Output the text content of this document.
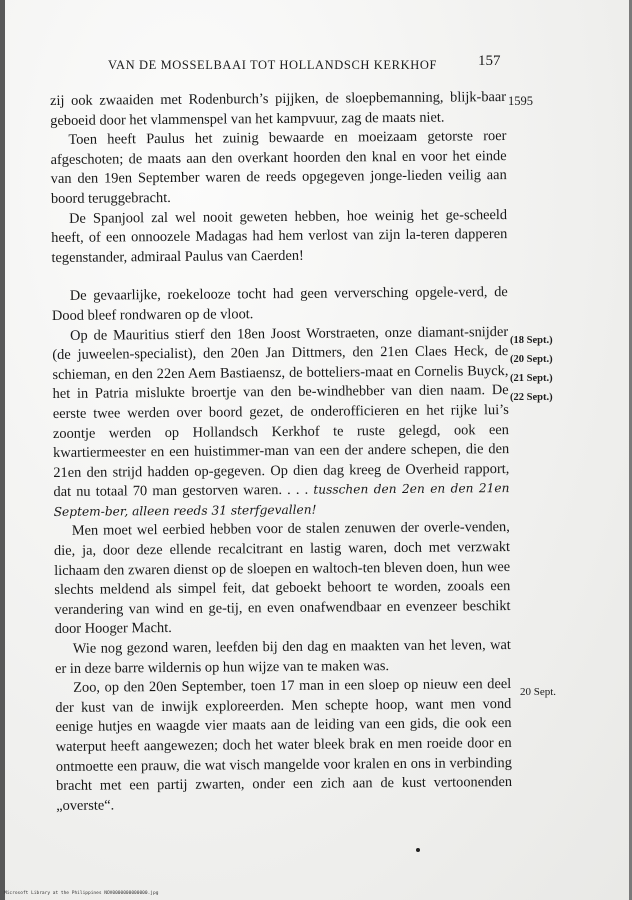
VAN DE MOSSELBAAI TOT HOLLANDSCH KERKHOF	157

zij ook zwaaiden met Rodenburch’s pijjken, de sloepbemanning, blijk-baar geboeid door het vlammenspel van het kampvuur, zag de maats niet.

Toen heeft Paulus het zuinig bewaarde en moeizaam getorste roer afgeschoten; de maats aan den overkant hoorden den knal en voor het einde van den 19en September waren de reeds opgegeven jonge-lieden veilig aan boord teruggebracht.

De Spanjool zal wel nooit geweten hebben, hoe weinig het ge-scheeld heeft, of een onnoozele Madagas had hem verlost van zijn la-teren dapperen tegenstander, admiraal Paulus van Caerden!

De gevaarlijke, roekelooze tocht had geen verversching opgele-verd, de Dood bleef rondwaren op de vloot.

Op de Mauritius stierf den 18en Joost Worstraeten, onze diamant-snijder (de juweelen-specialist), den 20en Jan Dittmers, den 21en Claes Heck, de schieman, en den 22en Aem Bastiaensz, de botteliers-maat en Cornelis Buyck, het in Patria mislukte broertje van den be-windhebber van dien naam. De eerste twee werden over boord gezet, de onderofficieren en het rijke lui’s zoontje werden op Hollandsch Kerkhof te ruste gelegd, ook een kwartiermeester en een huistimmer-man van een der andere schepen, die den 21en den strijd hadden op-gegeven. Op dien dag kreeg de Overheid rapport, dat nu totaal 70 man gestorven waren. . . . tusschen den 2en en den 21en Septem-ber, alleen reeds 31 sterfgevallen!

Men moet wel eerbied hebben voor de stalen zenuwen der overle-venden, die, ja, door deze ellende recalcitrant en lastig waren, doch met verzwakt lichaam den zwaren dienst op de sloepen en waltoch-ten bleven doen, hun wee slechts meldend als simpel feit, dat geboekt behoort te worden, zooals een verandering van wind en ge-tij, en even onafwendbaar en evenzeer beschikt door Hooger Macht.

Wie nog gezond waren, leefden bij den dag en maakten van het leven, wat er in deze barre wildernis op hun wijze van te maken was.

Zoo, op den 20en September, toen 17 man in een sloep op nieuw een deel der kust van de inwijk exploreerden. Men schepte hoop, want men vond eenige hutjes en waagde vier maats aan de leiding van een gids, die ook een waterput heeft aangewezen; doch het water bleek brak en men roeide door en ontmoette een prauw, die wat visch mangelde voor kralen en ons in verbinding bracht met een partij zwarten, onder een zich aan de kust vertoonenden „overste“.

1595
(18 Sept.)
(20 Sept.)
(21 Sept.)
(22 Sept.)
20 Sept.
Microsoft Library at the Philippines NOV0000000000000.jpg
